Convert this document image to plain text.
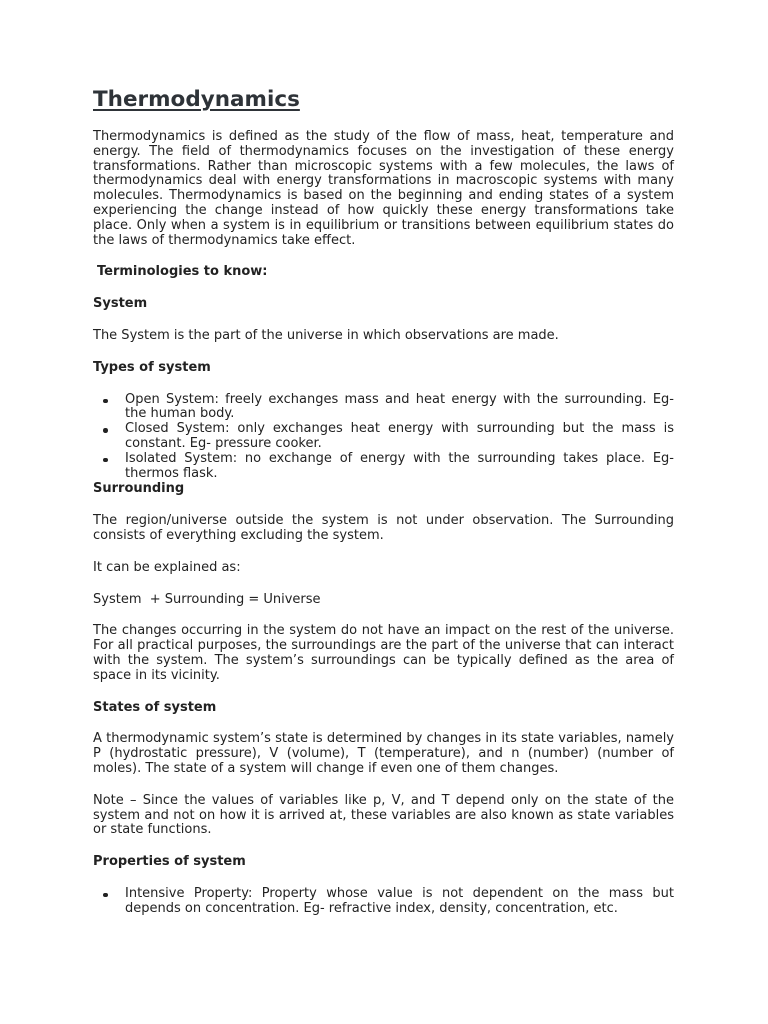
Thermodynamics

Thermodynamics is defined as the study of the flow of mass, heat, temperature and energy. The field of thermodynamics focuses on the investigation of these energy transformations. Rather than microscopic systems with a few molecules, the laws of thermodynamics deal with energy transformations in macroscopic systems with many molecules. Thermodynamics is based on the beginning and ending states of a system experiencing the change instead of how quickly these energy transformations take place. Only when a system is in equilibrium or transitions between equilibrium states do the laws of thermodynamics take effect.

Terminologies to know:
System

The System is the part of the universe in which observations are made.

Types of system
Open System: freely exchanges mass and heat energy with the surrounding. Eg- the human body.
Closed System: only exchanges heat energy with surrounding but the mass is constant. Eg- pressure cooker.
Isolated System: no exchange of energy with the surrounding takes place. Eg- thermos flask.
Surrounding

The region/universe outside the system is not under observation. The Surrounding consists of everything excluding the system.

It can be explained as:

System  + Surrounding = Universe

The changes occurring in the system do not have an impact on the rest of the universe. For all practical purposes, the surroundings are the part of the universe that can interact with the system. The system’s surroundings can be typically defined as the area of space in its vicinity.

States of system

A thermodynamic system’s state is determined by changes in its state variables, namely P (hydrostatic pressure), V (volume), T (temperature), and n (number) (number of moles). The state of a system will change if even one of them changes.

Note – Since the values of variables like p, V, and T depend only on the state of the system and not on how it is arrived at, these variables are also known as state variables or state functions.

Properties of system
Intensive Property: Property whose value is not dependent on the mass but depends on concentration. Eg- refractive index, density, concentration, etc.
